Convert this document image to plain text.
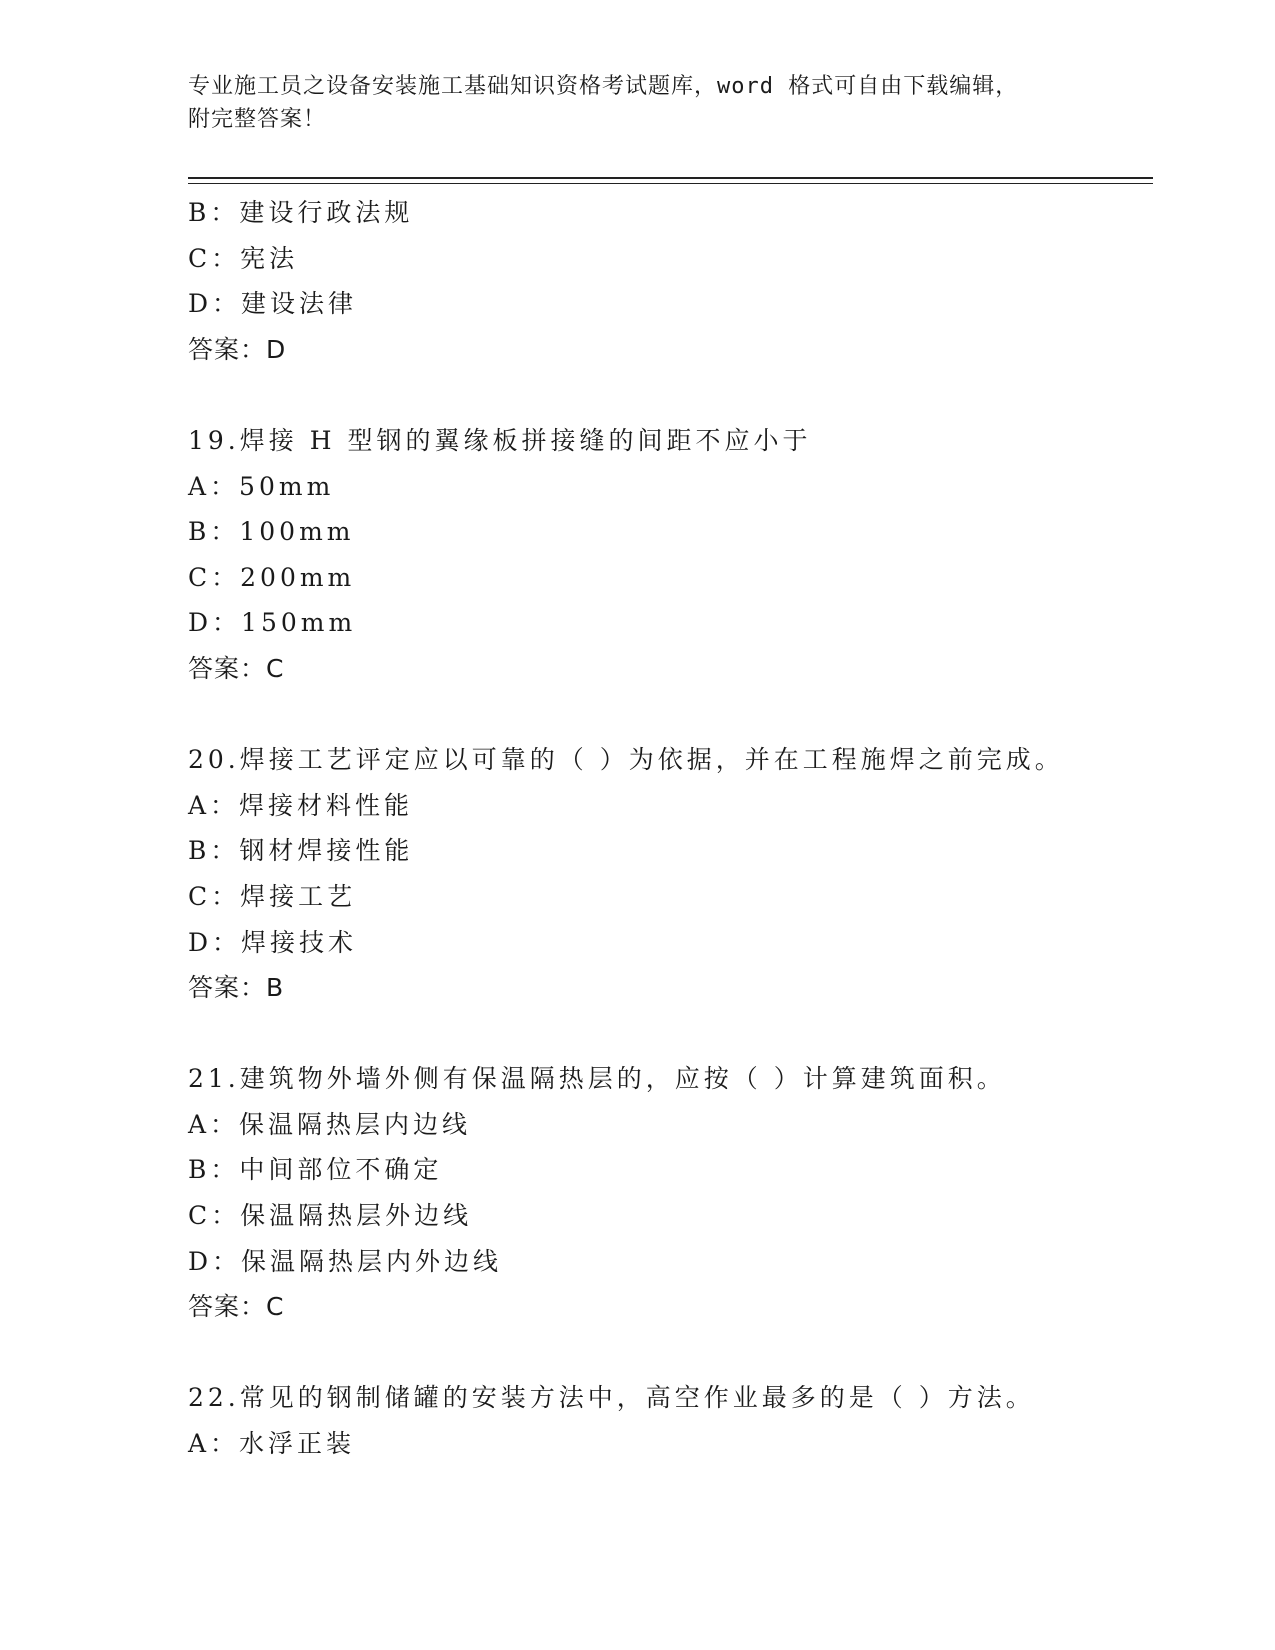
专业施工员之设备安装施工基础知识资格考试题库，word 格式可自由下载编辑，
附完整答案！
B：建设行政法规
C：宪法
D：建设法律
答案：D
19.焊接 H 型钢的翼缘板拼接缝的间距不应小于
A：50mm
B：100mm
C：200mm
D：150mm
答案：C
20.焊接工艺评定应以可靠的（ ）为依据，并在工程施焊之前完成。
A：焊接材料性能
B：钢材焊接性能
C：焊接工艺
D：焊接技术
答案：B
21.建筑物外墙外侧有保温隔热层的，应按（ ）计算建筑面积。
A：保温隔热层内边线
B：中间部位不确定
C：保温隔热层外边线
D：保温隔热层内外边线
答案：C
22.常见的钢制储罐的安装方法中，高空作业最多的是（ ）方法。
A：水浮正装
